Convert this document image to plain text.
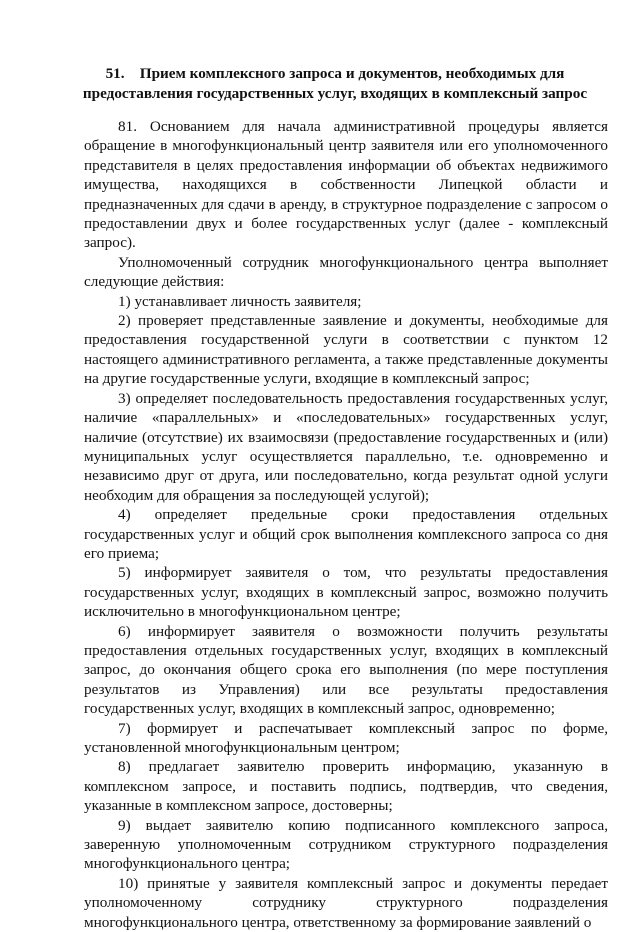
51. Прием комплексного запроса и документов, необходимых для предоставления государственных услуг, входящих в комплексный запрос

81. Основанием для начала административной процедуры является обращение в многофункциональный центр заявителя или его уполномоченного представителя в целях предоставления информации об объектах недвижимого имущества, находящихся в собственности Липецкой области и предназначенных для сдачи в аренду, в структурное подразделение с запросом о предоставлении двух и более государственных услуг (далее - комплексный запрос).

Уполномоченный сотрудник многофункционального центра выполняет следующие действия:

1) устанавливает личность заявителя;

2) проверяет представленные заявление и документы, необходимые для предоставления государственной услуги в соответствии с пунктом 12 настоящего административного регламента, а также представленные документы на другие государственные услуги, входящие в комплексный запрос;

3) определяет последовательность предоставления государственных услуг, наличие «параллельных» и «последовательных» государственных услуг, наличие (отсутствие) их взаимосвязи (предоставление государственных и (или) муниципальных услуг осуществляется параллельно, т.е. одновременно и независимо друг от друга, или последовательно, когда результат одной услуги необходим для обращения за последующей услугой);

4) определяет предельные сроки предоставления отдельных государственных услуг и общий срок выполнения комплексного запроса со дня его приема;

5) информирует заявителя о том, что результаты предоставления государственных услуг, входящих в комплексный запрос, возможно получить исключительно в многофункциональном центре;

6) информирует заявителя о возможности получить результаты предоставления отдельных государственных услуг, входящих в комплексный запрос, до окончания общего срока его выполнения (по мере поступления результатов из Управления) или все результаты предоставления государственных услуг, входящих в комплексный запрос, одновременно;

7) формирует и распечатывает комплексный запрос по форме, установленной многофункциональным центром;

8) предлагает заявителю проверить информацию, указанную в комплексном запросе, и поставить подпись, подтвердив, что сведения, указанные в комплексном запросе, достоверны;

9) выдает заявителю копию подписанного комплексного запроса, заверенную уполномоченным сотрудником структурного подразделения многофункционального центра;

10) принятые у заявителя комплексный запрос и документы передает уполномоченному сотруднику структурного подразделения многофункционального центра, ответственному за формирование заявлений о
